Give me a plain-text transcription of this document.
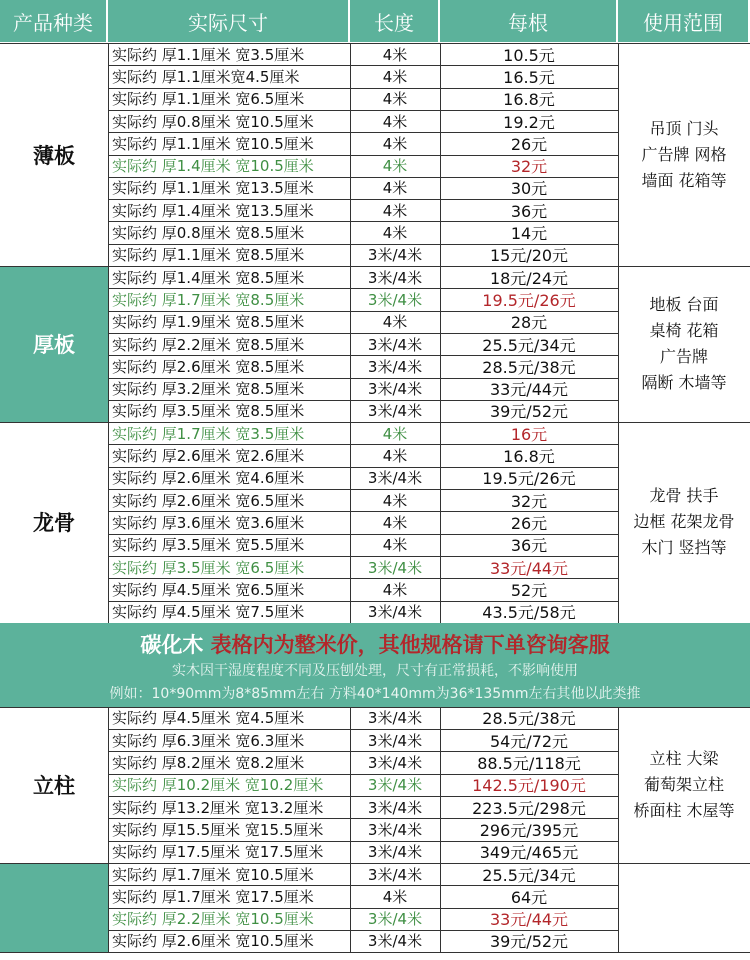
产品种类	实际尺寸	长度	每根	使用范围
薄板
吊顶 门头
广告牌 网格
墙面 花箱等
实际约 厚1.1厘米 宽3.5厘米	4米	10.5元
实际约 厚1.1厘米宽4.5厘米	4米	16.5元
实际约 厚1.1厘米 宽6.5厘米	4米	16.8元
实际约 厚0.8厘米 宽10.5厘米	4米	19.2元
实际约 厚1.1厘米 宽10.5厘米	4米	26元
实际约 厚1.4厘米 宽10.5厘米	4米	32元
实际约 厚1.1厘米 宽13.5厘米	4米	30元
实际约 厚1.4厘米 宽13.5厘米	4米	36元
实际约 厚0.8厘米 宽8.5厘米	4米	14元
实际约 厚1.1厘米 宽8.5厘米	3米/4米	15元/20元
厚板
地板 台面
桌椅 花箱
广告牌
隔断 木墙等
实际约 厚1.4厘米 宽8.5厘米	3米/4米	18元/24元
实际约 厚1.7厘米 宽8.5厘米	3米/4米	19.5元/26元
实际约 厚1.9厘米 宽8.5厘米	4米	28元
实际约 厚2.2厘米 宽8.5厘米	3米/4米	25.5元/34元
实际约 厚2.6厘米 宽8.5厘米	3米/4米	28.5元/38元
实际约 厚3.2厘米 宽8.5厘米	3米/4米	33元/44元
实际约 厚3.5厘米 宽8.5厘米	3米/4米	39元/52元
龙骨
龙骨 扶手
边框 花架龙骨
木门 竖挡等
实际约 厚1.7厘米 宽3.5厘米	4米	16元
实际约 厚2.6厘米 宽2.6厘米	4米	16.8元
实际约 厚2.6厘米 宽4.6厘米	3米/4米	19.5元/26元
实际约 厚2.6厘米 宽6.5厘米	4米	32元
实际约 厚3.6厘米 宽3.6厘米	4米	26元
实际约 厚3.5厘米 宽5.5厘米	4米	36元
实际约 厚3.5厘米 宽6.5厘米	3米/4米	33元/44元
实际约 厚4.5厘米 宽6.5厘米	4米	52元
实际约 厚4.5厘米 宽7.5厘米	3米/4米	43.5元/58元
碳化木 表格内为整米价，其他规格请下单咨询客服
实木因干湿度程度不同及压刨处理，尺寸有正常损耗，不影响使用
例如：10*90mm为8*85mm左右 方料40*140mm为36*135mm左右其他以此类推
立柱
立柱 大梁
葡萄架立柱
桥面柱 木屋等
实际约 厚4.5厘米 宽4.5厘米	3米/4米	28.5元/38元
实际约 厚6.3厘米 宽6.3厘米	3米/4米	54元/72元
实际约 厚8.2厘米 宽8.2厘米	3米/4米	88.5元/118元
实际约 厚10.2厘米 宽10.2厘米	3米/4米	142.5元/190元
实际约 厚13.2厘米 宽13.2厘米	3米/4米	223.5元/298元
实际约 厚15.5厘米 宽15.5厘米	3米/4米	296元/395元
实际约 厚17.5厘米 宽17.5厘米	3米/4米	349元/465元
实际约 厚1.7厘米 宽10.5厘米	3米/4米	25.5元/34元
实际约 厚1.7厘米 宽17.5厘米	4米	64元
实际约 厚2.2厘米 宽10.5厘米	3米/4米	33元/44元
实际约 厚2.6厘米 宽10.5厘米	3米/4米	39元/52元
